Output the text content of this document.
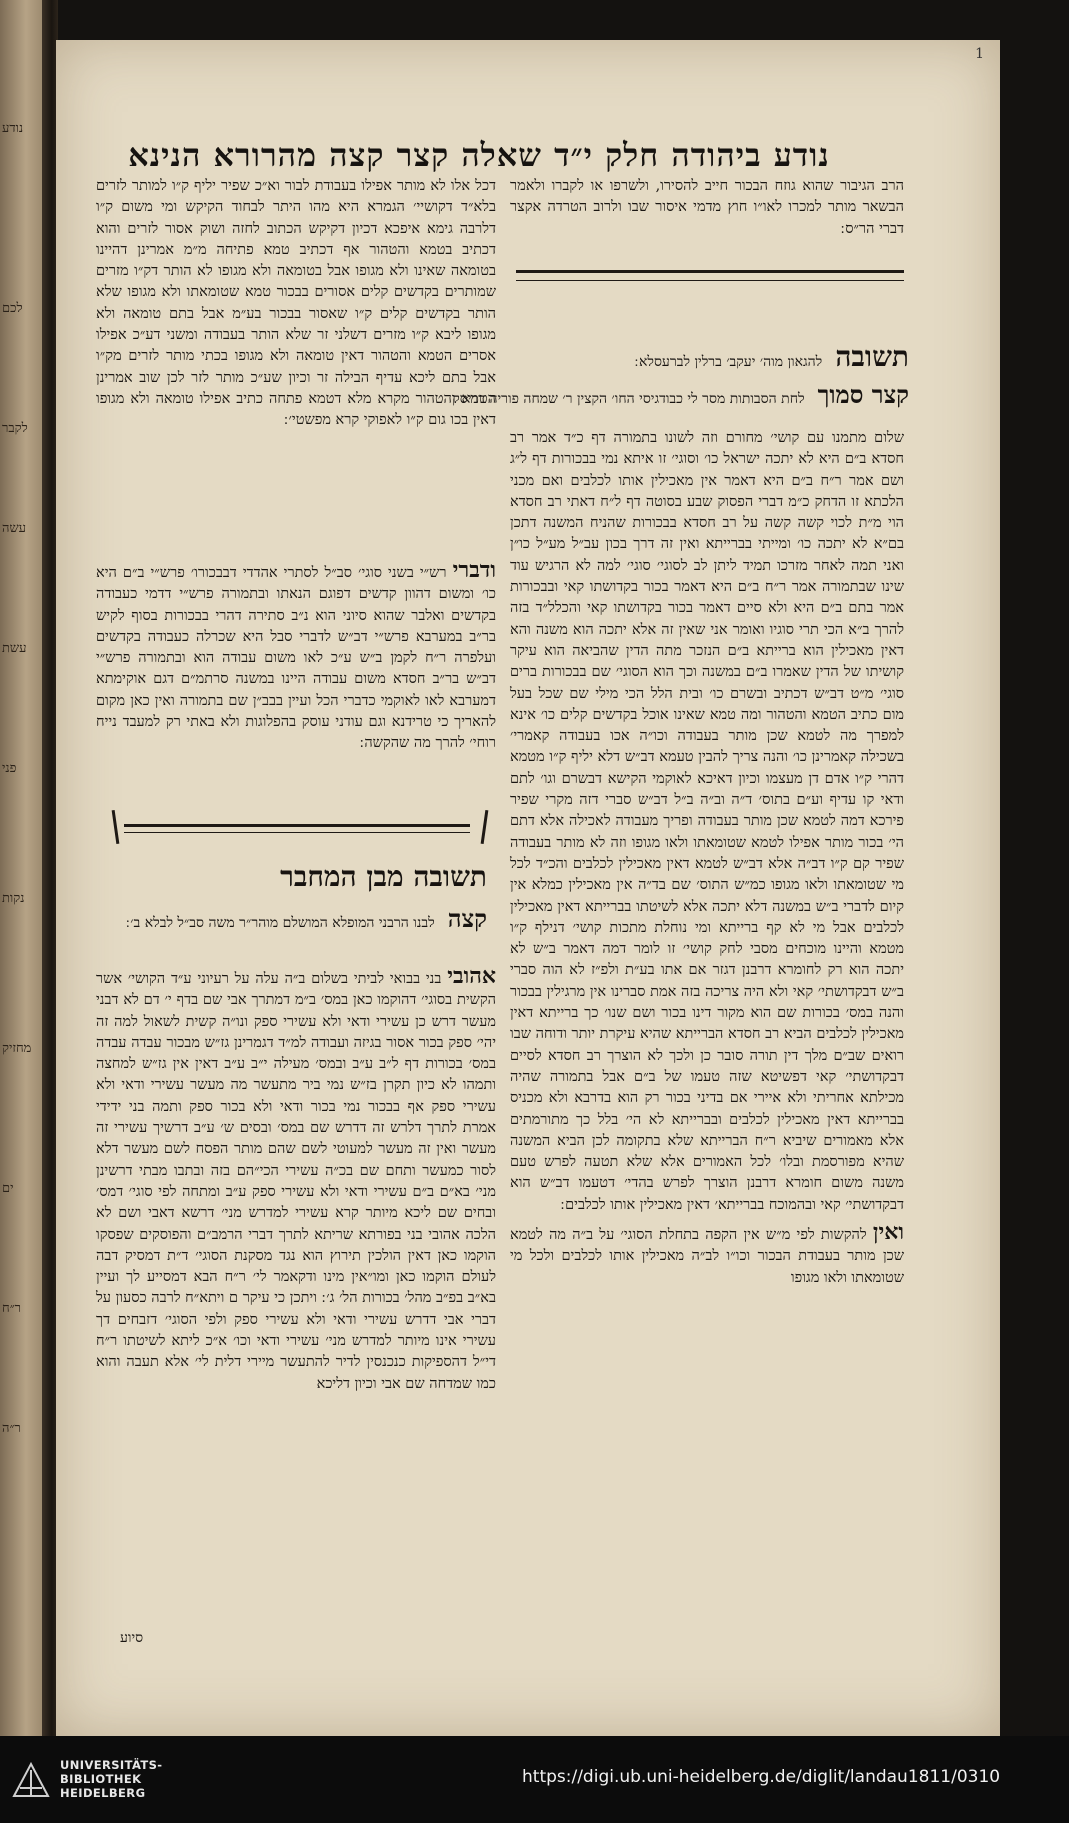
נודע
לכם
לקבר
עשה
עשת
פני
נקות
מחזיק
ים
ר״ח
ר״ה
1
נודע ביהודה חלק י״ד שאלה קצר קצה מהרורא הנינא

הרב הגיבור שהוא גוזח הבכור חייב להסירו, ולשרפו או לקברו ולאמר הבשאר מותר למכרו לאו״ו חוץ מדמי איסור שבו ולרוב הטרדה אקצר דברי הר״ס ׃

תשובה להגאון מוה׳ יעקב׳ ברלין לברעסלא ׃
קצר סמוך לחת הסבותות מסר לי כבודגיסי החו׳ הקצין ר׳ שמחה פוריה דריסק

שלום מתמנו עם קושי׳ מחורם וזה לשונו בתמורה דף כ״ד אמר רב חסדא ב״ם היא לא יתכה ישראל כו׳ וסוגי׳ זו איתא נמי בבכורות דף ל״ג ושם אמר ר״ח ב״ם היא דאמר אין מאכילין אותו לכלבים ואם מכני הלכתא זו הדחק כ״מ דברי הפסוק שבע בסוטה דף ל״ח דאתי רב חסדא הוי מ״ת לכוי קשה קשה על רב חסדא בבכורות שהניח המשנה דתכן בם״א לא יתכה כו׳ ומייתי בברייתא ואין זה דרך בכון עב״ל מע״ל כו״ן ואני תמה לאחר מזרכו תמיד ליתן לב לסוגי׳ סוגי׳ למה לא הרגיש עוד שינו שבתמורה אמר ר״ח ב״ם היא דאמר בכור בקדושתו קאי ובבכורות אמר בתם ב״ם היא ולא סיים דאמר בכור בקדושתו קאי והכלל״ד בזה להרך ב״א הכי תרי סוגיו ואומר אני שאין זה אלא יתכה הוא משנה והא דאין מאכילין הוא ברייתא ב״ם הנזכר מתה הדין שהביאה הוא עיקר קושיתו של הדין שאמרו ב״ם במשנה וכך הוא הסוגי׳ שם בבכורות ברים סוגי׳ מ״ט דב״ש דכתיב ובשרם כו׳ ובית הלל הכי מילי שם שכל בעל מום כתיב הטמא והטהור ומה טמא שאינו אוכל בקדשים קלים כו׳ אינא למפרך מה לטמא שכן מותר בעבודה וכו״ה אכו בעבודה קאמרי׳ בשכילה קאמרינן כו׳ והנה צריך להבין טעמא דב״ש דלא יליף ק״ו מטמא דהרי ק״ו אדם דן מעצמו וכיון דאיכא לאוקמי הקישא דבשרם וגו׳ לתם ודאי קו עדיף וע״ם בתוס׳ ד״ה וב״ה ב״ל דב״ש סברי דזה מקרי שפיר פירכא דמה לטמא שכן מותר בעבודה ופריך מעבודה לאכילה אלא דתם הי׳ בכור מותר אפילו לטמא שטומאתו ולאו מגופו וזה לא מותר בעבודה שפיר קם ק״ו דב״ה אלא דב״ש לטמא דאין מאכילין לכלבים והכ״ד לכל מי שטומאתו ולאו מגופו כמ״ש התוס׳ שם בד״ה אין מאכילין כמלא אין קיום לדברי ב״ש במשנה דלא יתכה אלא לשיטתו בברייתא דאין מאכילין לכלבים אבל מי לא קף ברייתא ומי נוחלת מתכות קושי׳ דנילף ק״ו מטמא והיינו מוכחים מסבי לחק קושי׳ זו לומר דמה דאמר ב״ש לא יתכה הוא רק לחומרא דרבנן דגזר אם אתו בע״ת ולפ״ז לא הוה סברי ב״ש דבקדושתי׳ קאי ולא היה צריכה בזה אמת סברינו אין מרגילין בבכור והנה במס׳ בכורות שם הוא מקור דינו בכור ושם שנו׳ כך ברייתא דאין מאכילין לכלבים הביא רב חסדא הברייתא שהיא עיקרת יותר ודוחה שבו רואים שב״ם מלך דין תורה סובר כן ולכך לא הוצרך רב חסדא לסיים דבקדושתי׳ קאי דפשיטא שזה טעמו של ב״ם אבל בתמורה שהיה מכילתא אחריתי ולא איירי אם בדיני בכור רק הוא בדרבא ולא מכניס בברייתא דאין מאכילין לכלבים ובברייתא לא הי׳ בלל כך מתורמתים אלא מאמורים שיביא ר״ח הברייתא שלא בתקומה לכן הביא המשנה שהיא מפורסמת ובלו׳ לכל האמורים אלא שלא תטעה לפרש טעם משנה משום חומרא דרבנן הוצרך לפרש בהדי׳ דטעמו דב״ש הוא דבקדושתי׳ קאי ובהמוכח בברייתא׳ דאין מאכילין אותו לכלבים ׃

ואין להקשות לפי מ״ש אין הקפה בתחלת הסוגי׳ על ב״ה מה לטמא שכן מותר בעבודת הבכור וכו״ו לב״ה מאכילין אותו לכלבים ולכל מי שטומאתו ולאו מגופו

דכל אלו לא מותר אפילו בעבודת לבור וא״כ שפיר יליף ק״ו למותר לזרים בלא״ד דקושיי׳ הגמרא היא מהו היתר לבחוד הקיקש ומי משום ק״ו דלרבה גימא איפכא דכיון דקיקש הכתוב לחזה ושוק אסור לזרים והוא דכתיב בטמא והטהור אף דכתיב טמא פתיחה מ״מ אמרינן דהיינו בטומאה שאינו ולא מגופו אבל בטומאה ולא מגופו לא הותר דק״ו מזרים שמותרים בקדשים קלים אסורים בבכור טמא שטומאתו ולא מגופו שלא הותר בקדשים קלים ק״ו שאסור בבכור בע״מ אבל בתם טומאה ולא מגופו ליבא ק״ו מזרים דשלני זר שלא הותר בעבודה ומשני דע״כ אפילו אסרים הטמא והטהור דאין טומאה ולא מגופו בכתי מותר לזרים מק״ו אבל בתם ליכא עדיף הבילה זר וכיון שע״כ מותר לזר לכן שוב אמרינן הטמא והטהור מקרא מלא דטמא פתחה כתיב אפילו טומאה ולא מגופו דאין בכו גום ק״ו לאפוקי קרא מפשטי׳ ׃

ודברי רש״י בשני סוגי׳ סב״ל לסתרי אהדדי דבבכורו׳ פרש״י ב״ם היא כו׳ ומשום דהוון קדשים דפוגם הנאתו ובתמורה פרש״י דדמי כעבודה בקדשים ואלבר שהוא סיוני הוא נ״ב סתירה דהרי בבכורות בסוף לקיש בר״ב במערבא פרש״י דב״ש לדברי סבל היא שכרלה כעבודה בקדשים ועלפרה ר״ח לקמן ב״ש ע״כ לאו משום עבודה הוא ובתמורה פרש״י דב״ש בר״ב חסדא משום עבודה היינו במשנה סרתמ״ם דגם אוקימתא דמערבא לאו לאוקמי כדברי הכל ועיין בבב״ן שם בתמורה ואין כאן מקום להאריך כי טרידנא וגם עודני עוסק בהפלוגות ולא באתי רק למעבד נייח רוחי׳ להרך מה שהקשה ׃

תשובה מבן המחבר
קצה לבנו הרבני המופלא המושלם מוהר״ר משה סב״ל לבלא ב׳ ׃

אהובי בני בבואי לביתי בשלום ב״ה עלה על רעיוני ע״ד הקושי׳ אשר הקשית בסוגי׳ דהוקמו כאן במס׳ ב״מ דמתרך אבי שם בדף י׳ דם לא דבני מעשר דרש כן עשירי ודאי ולא עשירי ספק ונו״ה קשית לשאול למה זה יהי׳ ספק בכור אסור בגיזה ועבודה למ״ד דגמרינן גז״ש מבכור עבדה עבדה במס׳ בכורות דף ל״ב ע״ב ובמס׳ מעילה י״ב ע״ב דאין אין גז״ש למחצה ותמהו לא כיון תקרן בז״ש נמי ביר מתעשר מה מעשר עשירי ודאי ולא עשירי ספק אף בבכור נמי בכור ודאי ולא בכור ספק ותמה בני ידידי אמרת לתרך דלרש זה דדרש שם במס׳ ובסים ש׳ ע״ב דרשיך עשירי זה מעשר ואין זה מעשר למעוטי לשם שהם מותר הפסח לשם מעשר דלא לסור כמעשר ותחם שם בכ״ה עשירי הכי״הם בזה ובתבו מבתי דרשינן מני׳ בא״ם ב״ם עשירי ודאי ולא עשירי ספק ע״ב ומתחה לפי סוגי׳ דמס׳ ובחים שם ליכא מיותר קרא עשירי למדרש מני׳ דרשא דאבי ושם לא הלכה אהובי בני בפורתא שריתא לתרך דברי הרמב״ם והפוסקים שפסקו הוקמו כאן דאין הולכין תירוץ הוא נגד מסקנת הסוגי׳ ד״ת דמסיק דבה לעולם הוקמו כאן ומו״אין מינו ודקאמר לי׳ ר״ח הבא דמסייע לך ועיין בא״ב בפ״ב מהל׳ בכורות הל׳ ג׳ ׃ ויתכן כי עיקר ם ויתא״ח לרבה כסעון על דברי אבי דדרש עשירי ודאי ולא עשירי ספק ולפי הסוגי׳ דזבחים דך עשירי אינו מיותר למדרש מני׳ עשירי ודאי וכו׳ א״כ ליתא לשיטתו ר״ח די״ל דהספיקות כנכנסין לדיר להתעשר מיירי דלית לי׳ אלא תעבה והוא כמו שמדחה שם אבי וכיון דליכא

סיוע
UNIVERSITÄTS-
BIBLIOTHEK
HEIDELBERG
https://digi.ub.uni-heidelberg.de/diglit/landau1811/0310
